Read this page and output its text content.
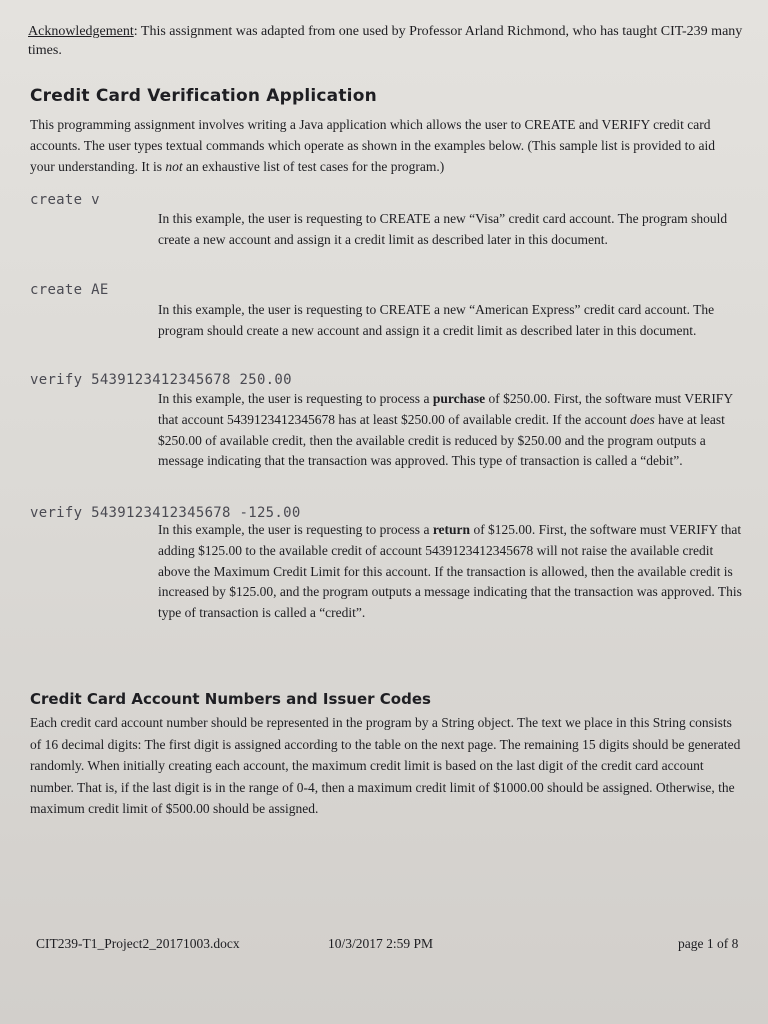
Acknowledgement: This assignment was adapted from one used by Professor Arland Richmond, who has taught CIT-239 many times.
Credit Card Verification Application
This programming assignment involves writing a Java application which allows the user to CREATE and VERIFY credit card accounts. The user types textual commands which operate as shown in the examples below. (This sample list is provided to aid your understanding. It is not an exhaustive list of test cases for the program.)
create v
In this example, the user is requesting to CREATE a new “Visa” credit card account. The program should create a new account and assign it a credit limit as described later in this document.
create AE
In this example, the user is requesting to CREATE a new “American Express” credit card account. The program should create a new account and assign it a credit limit as described later in this document.
verify 5439123412345678 250.00
In this example, the user is requesting to process a purchase of $250.00. First, the software must VERIFY that account 5439123412345678 has at least $250.00 of available credit. If the account does have at least $250.00 of available credit, then the available credit is reduced by $250.00 and the program outputs a message indicating that the transaction was approved. This type of transaction is called a “debit”.
verify 5439123412345678 -125.00
In this example, the user is requesting to process a return of $125.00. First, the software must VERIFY that adding $125.00 to the available credit of account 5439123412345678 will not raise the available credit above the Maximum Credit Limit for this account. If the transaction is allowed, then the available credit is increased by $125.00, and the program outputs a message indicating that the transaction was approved. This type of transaction is called a “credit”.
Credit Card Account Numbers and Issuer Codes
Each credit card account number should be represented in the program by a String object. The text we place in this String consists of 16 decimal digits: The first digit is assigned according to the table on the next page. The remaining 15 digits should be generated randomly. When initially creating each account, the maximum credit limit is based on the last digit of the credit card account number. That is, if the last digit is in the range of 0-4, then a maximum credit limit of $1000.00 should be assigned. Otherwise, the maximum credit limit of $500.00 should be assigned.
CIT239-T1_Project2_20171003.docx	10/3/2017 2:59 PM	page 1 of 8
